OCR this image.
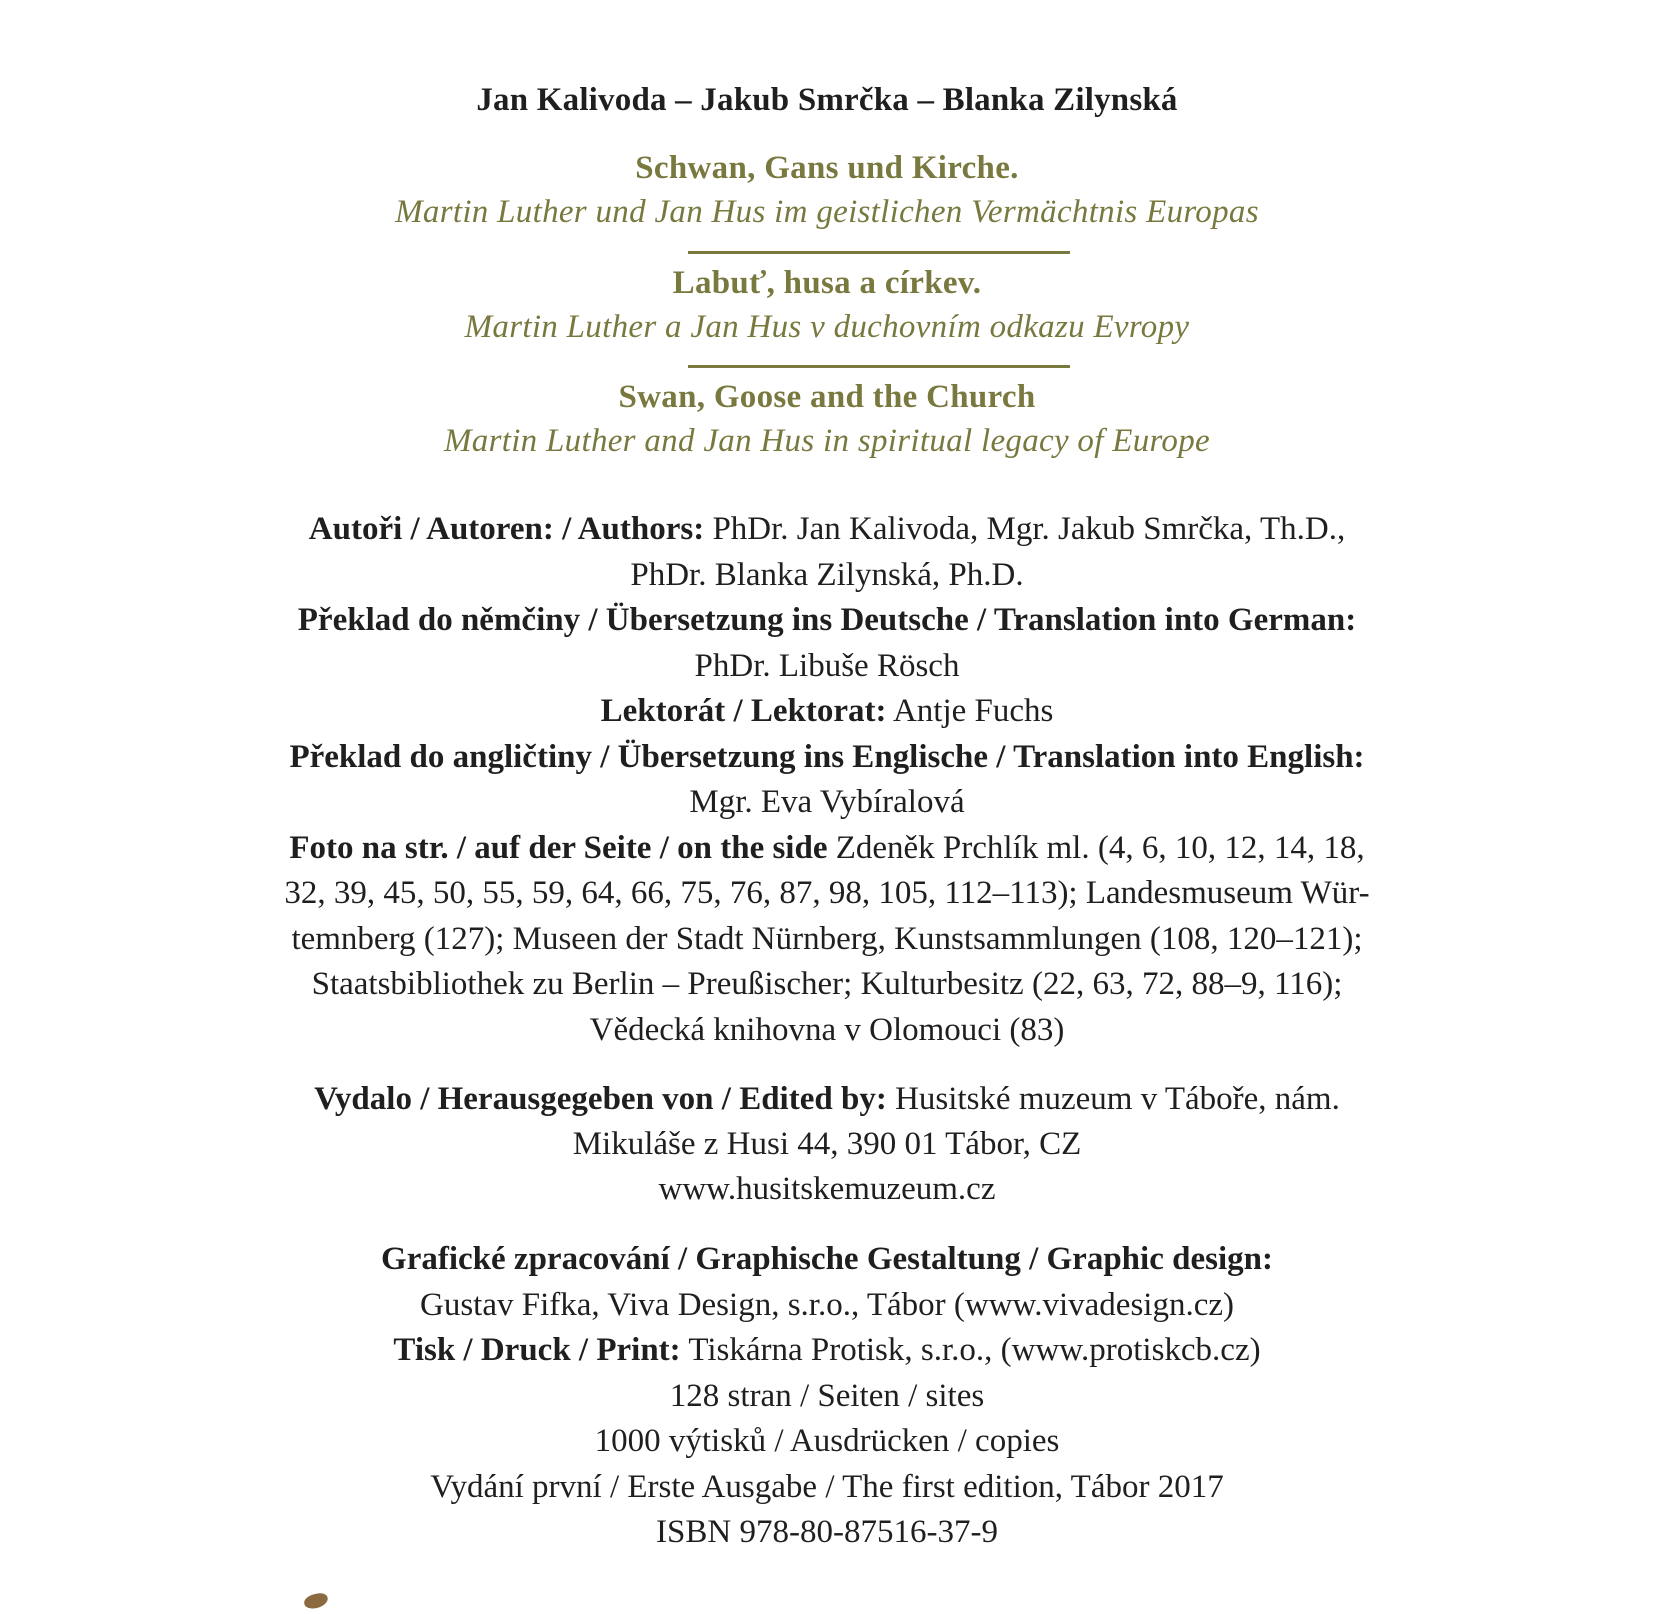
Jan Kalivoda – Jakub Smrčka – Blanka Zilynská
Schwan, Gans und Kirche.
Martin Luther und Jan Hus im geistlichen Vermächtnis Europas
Labuť, husa a církev.
Martin Luther a Jan Hus v duchovním odkazu Evropy
Swan, Goose and the Church
Martin Luther and Jan Hus in spiritual legacy of Europe
Autoři / Autoren: / Authors: PhDr. Jan Kalivoda, Mgr. Jakub Smrčka, Th.D.,
PhDr. Blanka Zilynská, Ph.D.
Překlad do němčiny / Übersetzung ins Deutsche / Translation into German:
PhDr. Libuše Rösch
Lektorát / Lektorat: Antje Fuchs
Překlad do angličtiny / Übersetzung ins Englische / Translation into English:
Mgr. Eva Vybíralová
Foto na str. / auf der Seite / on the side Zdeněk Prchlík ml. (4, 6, 10, 12, 14, 18,
32, 39, 45, 50, 55, 59, 64, 66, 75, 76, 87, 98, 105, 112–113); Landesmuseum Wür-
temnberg (127); Museen der Stadt Nürnberg, Kunstsammlungen (108, 120–121);
Staatsbibliothek zu Berlin – Preußischer; Kulturbesitz (22, 63, 72, 88–9, 116);
Vědecká knihovna v Olomouci (83)
Vydalo / Herausgegeben von / Edited by: Husitské muzeum v Táboře, nám.
Mikuláše z Husi 44, 390 01 Tábor, CZ
www.husitskemuzeum.cz
Grafické zpracování / Graphische Gestaltung / Graphic design:
Gustav Fifka, Viva Design, s.r.o., Tábor (www.vivadesign.cz)
Tisk / Druck / Print: Tiskárna Protisk, s.r.o., (www.protiskcb.cz)
128 stran / Seiten / sites
1000 výtisků / Ausdrücken / copies
Vydání první / Erste Ausgabe / The first edition, Tábor 2017
ISBN 978-80-87516-37-9
